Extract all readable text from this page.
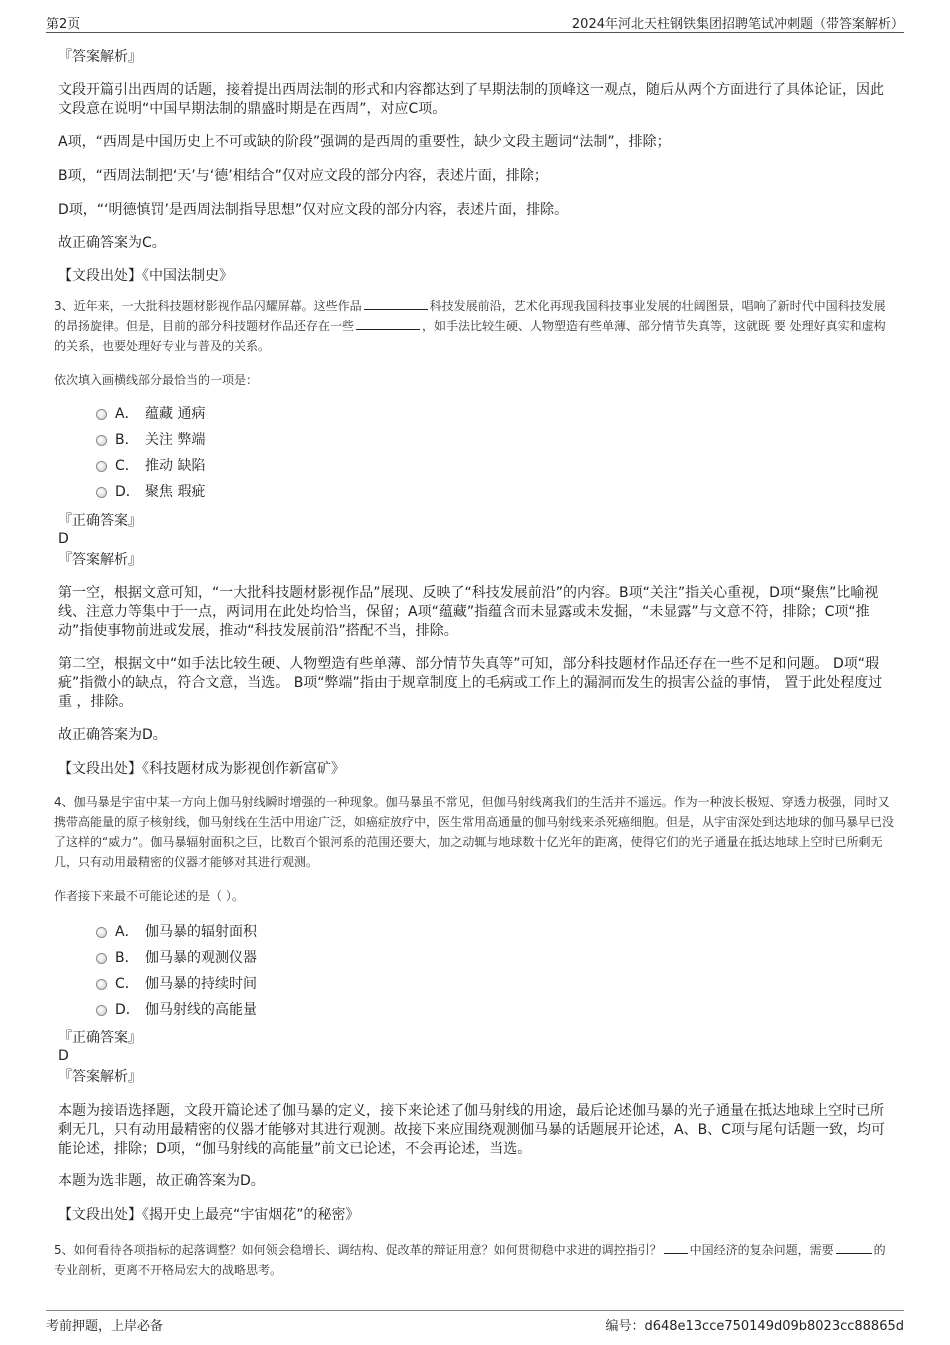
第2页	2024年河北天柱钢铁集团招聘笔试冲刺题（带答案解析）
『答案解析』
文段开篇引出西周的话题，接着提出西周法制的形式和内容都达到了早期法制的顶峰这一观点，随后从两个方面进行了具体论证，因此文段意在说明“中国早期法制的鼎盛时期是在西周”，对应C项。
A项，“西周是中国历史上不可或缺的阶段”强调的是西周的重要性，缺少文段主题词“法制”，排除；
B项，“西周法制把‘天’与‘德’相结合”仅对应文段的部分内容，表述片面，排除；
D项，“‘明德慎罚’是西周法制指导思想”仅对应文段的部分内容，表述片面，排除。
故正确答案为C。
【文段出处】《中国法制史》

3、近年来，一大批科技题材影视作品闪耀屏幕。这些作品	科技发展前沿，艺术化再现我国科技事业发展的壮阔图景，唱响了新时代中国科技发展的昂扬旋律。但是，目前的部分科技题材作品还存在一些	，如手法比较生硬、人物塑造有些单薄、部分情节失真等，这就既 要 处理好真实和虚构的关系，也要处理好专业与普及的关系。

依次填入画横线部分最恰当的一项是：

A． 蕴藏 通病
B． 关注 弊端
C． 推动 缺陷
D． 聚焦 瑕疵
『正确答案』
D
『答案解析』
第一空，根据文意可知，“一大批科技题材影视作品”展现、反映了“科技发展前沿”的内容。B项“关注”指关心重视，D项“聚焦”比喻视线、注意力等集中于一点，两词用在此处均恰当，保留；A项“蕴藏”指蕴含而未显露或未发掘，“未显露”与文意不符，排除；C项“推动”指使事物前进或发展，推动“科技发展前沿”搭配不当，排除。
第二空，根据文中“如手法比较生硬、人物塑造有些单薄、部分情节失真等”可知，部分科技题材作品还存在一些不足和问题。 D项“瑕疵”指微小的缺点，符合文意，当选。 B项“弊端”指由于规章制度上的毛病或工作上的漏洞而发生的损害公益的事情， 置于此处程度过重 ，排除。
故正确答案为D。
【文段出处】《科技题材成为影视创作新富矿》

4、伽马暴是宇宙中某一方向上伽马射线瞬时增强的一种现象。伽马暴虽不常见，但伽马射线离我们的生活并不遥远。作为一种波长极短、穿透力极强，同时又携带高能量的原子核射线，伽马射线在生活中用途广泛，如癌症放疗中，医生常用高通量的伽马射线来杀死癌细胞。但是，从宇宙深处到达地球的伽马暴早已没了这样的“威力”。伽马暴辐射面积之巨，比数百个银河系的范围还要大，加之动辄与地球数十亿光年的距离，使得它们的光子通量在抵达地球上空时已所剩无几，只有动用最精密的仪器才能够对其进行观测。

作者接下来最不可能论述的是（ ）。

A． 伽马暴的辐射面积
B． 伽马暴的观测仪器
C． 伽马暴的持续时间
D． 伽马射线的高能量
『正确答案』
D
『答案解析』
本题为接语选择题，文段开篇论述了伽马暴的定义，接下来论述了伽马射线的用途，最后论述伽马暴的光子通量在抵达地球上空时已所剩无几，只有动用最精密的仪器才能够对其进行观测。故接下来应围绕观测伽马暴的话题展开论述，A、B、C项与尾句话题一致，均可能论述，排除；D项，“伽马射线的高能量”前文已论述，不会再论述，当选。
本题为选非题，故正确答案为D。
【文段出处】《揭开史上最亮“宇宙烟花”的秘密》

5、如何看待各项指标的起落调整？如何领会稳增长、调结构、促改革的辩证用意？如何贯彻稳中求进的调控指引？ 中国经济的复杂问题，需要	的专业剖析，更离不开格局宏大的战略思考。

考前押题，上岸必备	编号：d648e13cce750149d09b8023cc88865d
